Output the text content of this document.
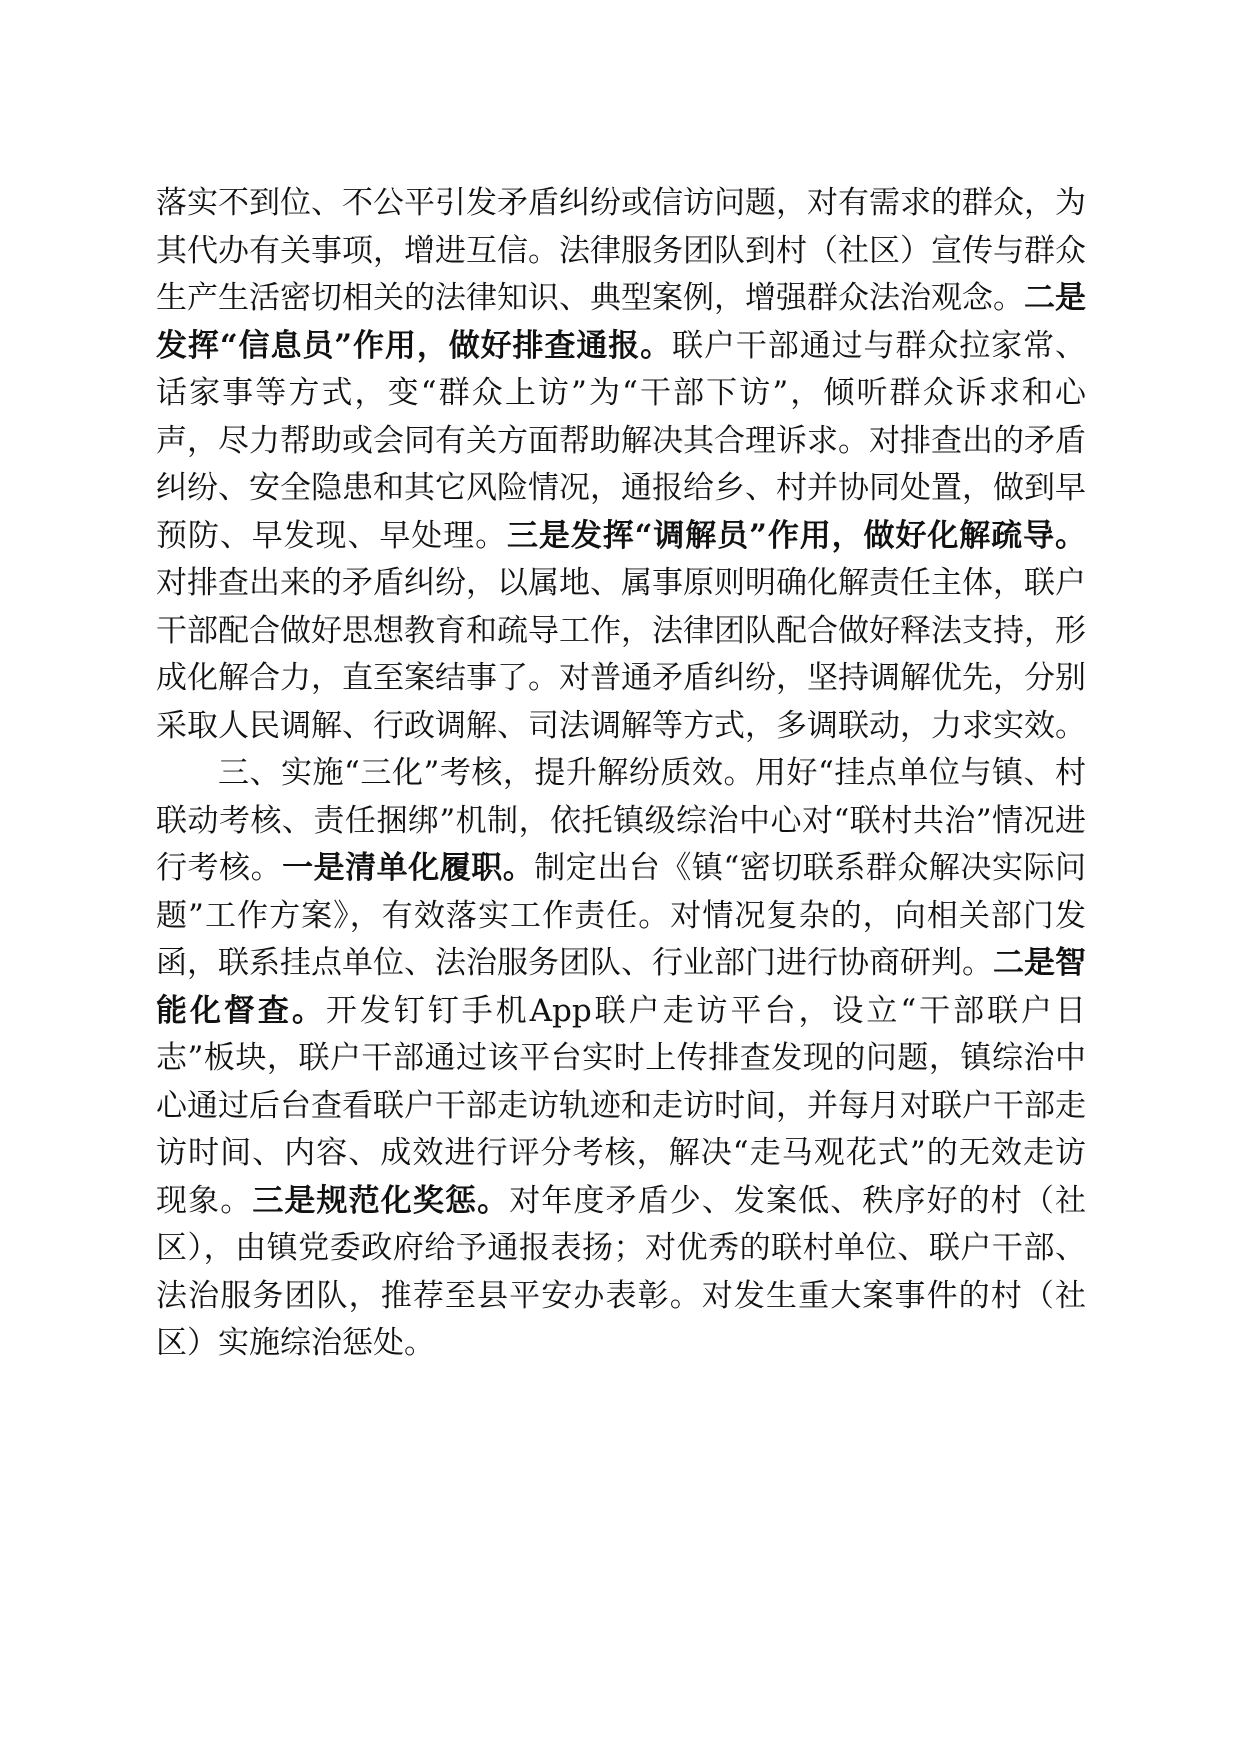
落实不到位、不公平引发矛盾纠纷或信访问题，对有需求的群众，为其代办有关事项，增进互信。法律服务团队到村（社区）宣传与群众生产生活密切相关的法律知识、典型案例，增强群众法治观念。二是发挥“信息员”作用，做好排查通报。联户干部通过与群众拉家常、话家事等方式，变“群众上访”为“干部下访”，倾听群众诉求和心声，尽力帮助或会同有关方面帮助解决其合理诉求。对排查出的矛盾纠纷、安全隐患和其它风险情况，通报给乡、村并协同处置，做到早预防、早发现、早处理。三是发挥“调解员”作用，做好化解疏导。对排查出来的矛盾纠纷，以属地、属事原则明确化解责任主体，联户干部配合做好思想教育和疏导工作，法律团队配合做好释法支持，形成化解合力，直至案结事了。对普通矛盾纠纷，坚持调解优先，分别采取人民调解、行政调解、司法调解等方式，多调联动，力求实效。

三、实施“三化”考核，提升解纷质效。用好“挂点单位与镇、村联动考核、责任捆绑”机制，依托镇级综治中心对“联村共治”情况进行考核。一是清单化履职。制定出台《镇“密切联系群众解决实际问题”工作方案》，有效落实工作责任。对情况复杂的，向相关部门发函，联系挂点单位、法治服务团队、行业部门进行协商研判。二是智能化督查。开发钉钉手机App联户走访平台，设立“干部联户日志”板块，联户干部通过该平台实时上传排查发现的问题，镇综治中心通过后台查看联户干部走访轨迹和走访时间，并每月对联户干部走访时间、内容、成效进行评分考核，解决“走马观花式”的无效走访现象。三是规范化奖惩。对年度矛盾少、发案低、秩序好的村（社区），由镇党委政府给予通报表扬；对优秀的联村单位、联户干部、法治服务团队，推荐至县平安办表彰。对发生重大案事件的村（社区）实施综治惩处。
